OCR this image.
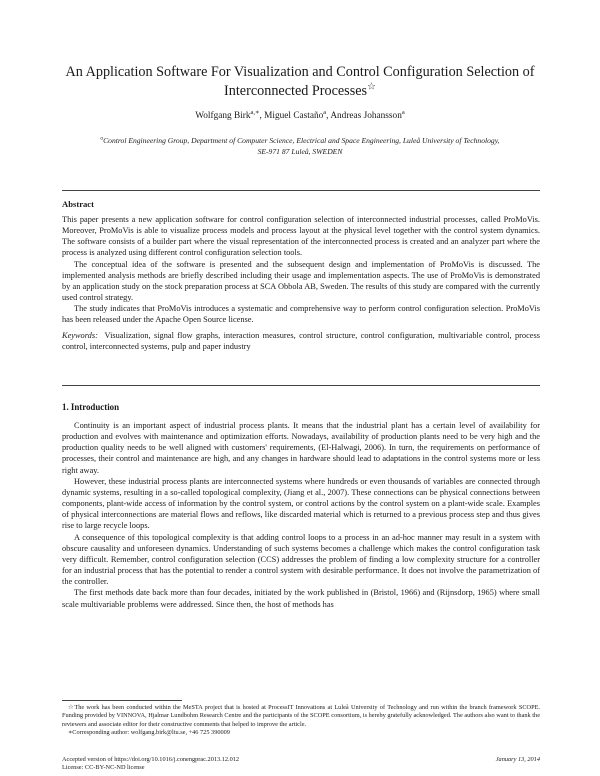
An Application Software For Visualization and Control Configuration Selection of
Interconnected Processes☆
Wolfgang Birk$^{a,∗}$, Miguel Castaño$^a$, Andreas Johansson$^a$
$^a$Control Engineering Group, Department of Computer Science, Electrical and Space Engineering, Luleå University of Technology,
SE-971 87 Luleå, SWEDEN
Abstract

This paper presents a new application software for control configuration selection of interconnected industrial processes, called ProMoVis. Moreover, ProMoVis is able to visualize process models and process layout at the physical level together with the control system dynamics. The software consists of a builder part where the visual representation of the interconnected process is created and an analyzer part where the process is analyzed using different control configuration selection tools.

The conceptual idea of the software is presented and the subsequent design and implementation of ProMoVis is discussed. The implemented analysis methods are briefly described including their usage and implementation aspects. The use of ProMoVis is demonstrated by an application study on the stock preparation process at SCA Obbola AB, Sweden. The results of this study are compared with the currently used control strategy.

The study indicates that ProMoVis introduces a systematic and comprehensive way to perform control configuration selection. ProMoVis has been released under the Apache Open Source license.

Keywords: Visualization, signal flow graphs, interaction measures, control structure, control configuration, multivariable control, process control, interconnected systems, pulp and paper industry

1. Introduction

Continuity is an important aspect of industrial process plants. It means that the industrial plant has a certain level of availability for production and evolves with maintenance and optimization efforts. Nowadays, availability of production plants need to be very high and the production quality needs to be well aligned with customers' requirements, (El-Halwagi, 2006). In turn, the requirements on performance of processes, their control and maintenance are high, and any changes in hardware should lead to adaptations in the control systems more or less right away.

However, these industrial process plants are interconnected systems where hundreds or even thousands of variables are connected through dynamic systems, resulting in a so-called topological complexity, (Jiang et al., 2007). These connections can be physical connections between components, plant-wide access of information by the control system, or control actions by the control system on a plant-wide scale. Examples of physical interconnections are material flows and reflows, like discarded material which is returned to a previous process step and thus gives rise to large recycle loops.

A consequence of this topological complexity is that adding control loops to a process in an ad-hoc manner may result in a system with obscure causality and unforeseen dynamics. Understanding of such systems becomes a challenge which makes the control configuration task very difficult. Remember, control configuration selection (CCS) addresses the problem of finding a low complexity structure for a controller for an industrial process that has the potential to render a control system with desirable performance. It does not involve the parametrization of the controller.

The first methods date back more than four decades, initiated by the work published in (Bristol, 1966) and (Rijnsdorp, 1965) where small scale multivariable problems were addressed. Since then, the host of methods has

☆The work has been conducted within the MeSTA project that is hosted at ProcessIT Innovations at Luleå University of Technology and run within the branch framework SCOPE. Funding provided by VINNOVA, Hjalmar Lundbohm Research Centre and the participants of the SCOPE consortium, is hereby gratefully acknowledged. The authors also want to thank the reviewers and associate editor for their constructive comments that helped to improve the article.

∗Corresponding author: wolfgang.birk@ltu.se, +46 725 390009

Accepted version of https://doi.org/10.1016/j.conengprac.2013.12.012
License: CC-BY-NC-ND license
January 13, 2014
